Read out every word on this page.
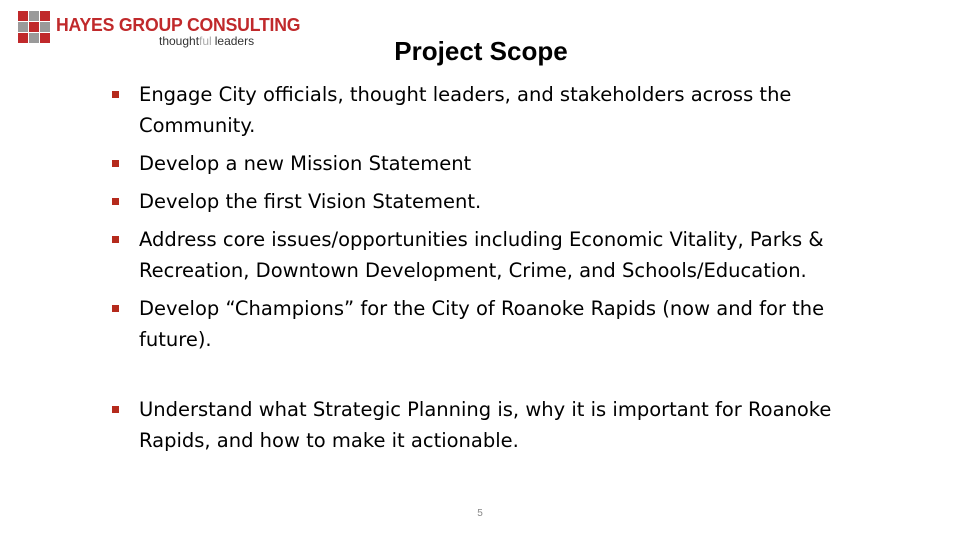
HAYES GROUP CONSULTING
thoughtful leaders	Project Scope
Engage City officials, thought leaders, and stakeholders across the Community.
Develop a new Mission Statement
Develop the first Vision Statement.
Address core issues/opportunities including Economic Vitality, Parks & Recreation, Downtown Development, Crime, and Schools/Education.
Develop “Champions” for the City of Roanoke Rapids (now and for the future).
Understand what Strategic Planning is, why it is important for Roanoke Rapids, and how to make it actionable.
5
